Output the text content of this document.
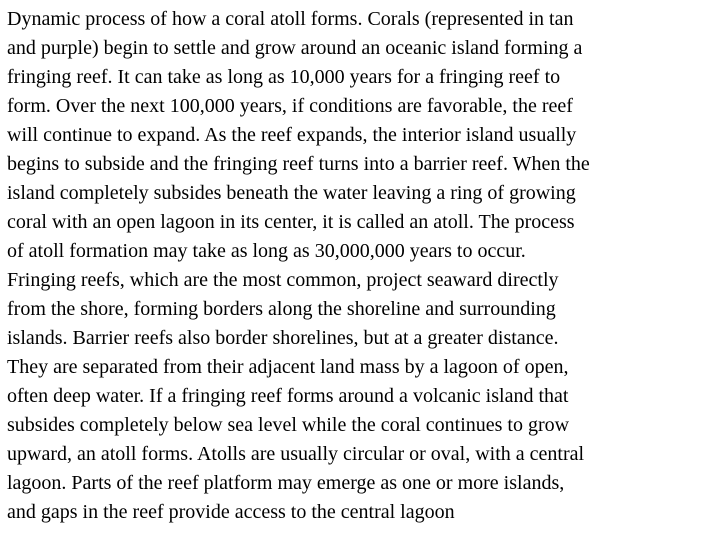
Dynamic process of how a coral atoll forms. Corals (represented in tan
and purple) begin to settle and grow around an oceanic island forming a
fringing reef. It can take as long as 10,000 years for a fringing reef to
form. Over the next 100,000 years, if conditions are favorable, the reef
will continue to expand. As the reef expands, the interior island usually
begins to subside and the fringing reef turns into a barrier reef. When the
island completely subsides beneath the water leaving a ring of growing
coral with an open lagoon in its center, it is called an atoll. The process
of atoll formation may take as long as 30,000,000 years to occur.
Fringing reefs, which are the most common, project seaward directly
from the shore, forming borders along the shoreline and surrounding
islands. Barrier reefs also border shorelines, but at a greater distance.
They are separated from their adjacent land mass by a lagoon of open,
often deep water. If a fringing reef forms around a volcanic island that
subsides completely below sea level while the coral continues to grow
upward, an atoll forms. Atolls are usually circular or oval, with a central
lagoon. Parts of the reef platform may emerge as one or more islands,
and gaps in the reef provide access to the central lagoon
